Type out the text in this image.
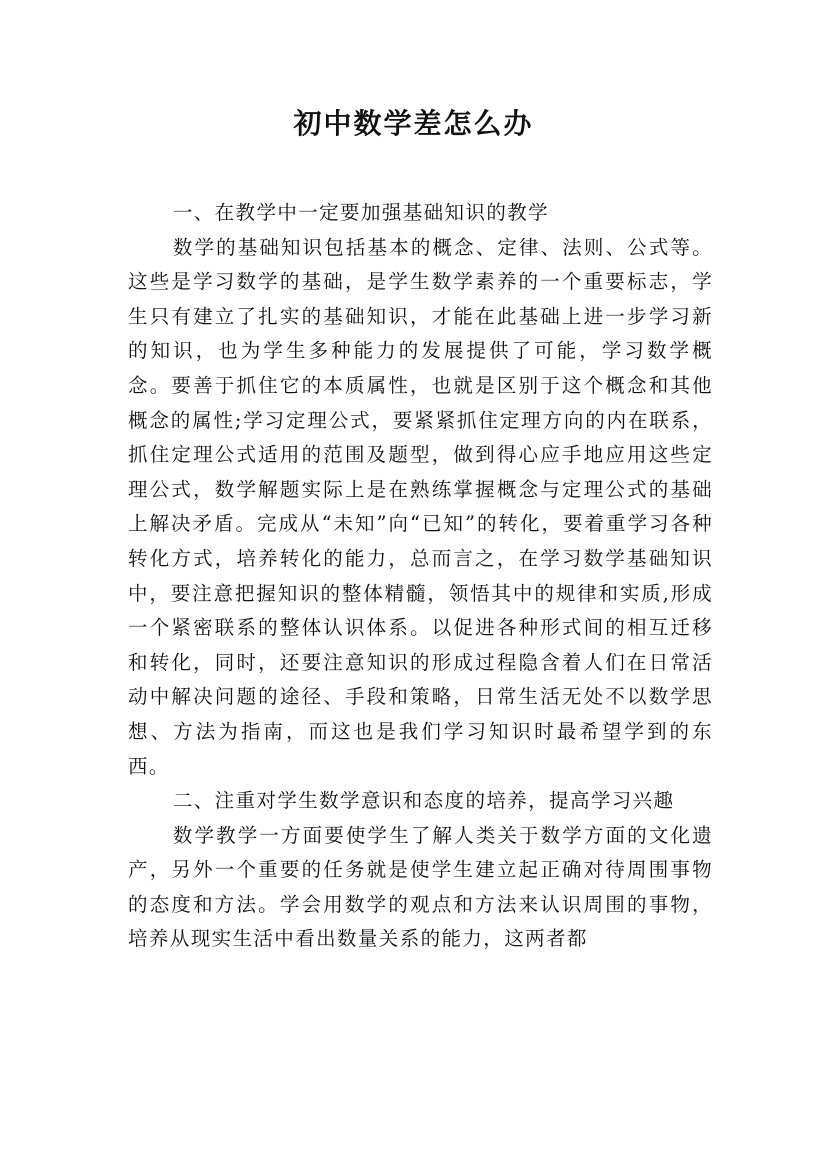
初中数学差怎么办

一、在教学中一定要加强基础知识的教学

数学的基础知识包括基本的概念、定律、法则、公式等。这些是学习数学的基础，是学生数学素养的一个重要标志，学生只有建立了扎实的基础知识，才能在此基础上进一步学习新的知识，也为学生多种能力的发展提供了可能，学习数学概念。要善于抓住它的本质属性，也就是区别于这个概念和其他概念的属性;学习定理公式，要紧紧抓住定理方向的内在联系，抓住定理公式适用的范围及题型，做到得心应手地应用这些定理公式，数学解题实际上是在熟练掌握概念与定理公式的基础上解决矛盾。完成从“未知”向“已知”的转化，要着重学习各种转化方式，培养转化的能力，总而言之，在学习数学基础知识中，要注意把握知识的整体精髓，领悟其中的规律和实质,形成一个紧密联系的整体认识体系。以促进各种形式间的相互迁移和转化，同时，还要注意知识的形成过程隐含着人们在日常活动中解决问题的途径、手段和策略，日常生活无处不以数学思想、方法为指南，而这也是我们学习知识时最希望学到的东西。

二、注重对学生数学意识和态度的培养，提高学习兴趣

数学教学一方面要使学生了解人类关于数学方面的文化遗产，另外一个重要的任务就是使学生建立起正确对待周围事物的态度和方法。学会用数学的观点和方法来认识周围的事物，培养从现实生活中看出数量关系的能力，这两者都
